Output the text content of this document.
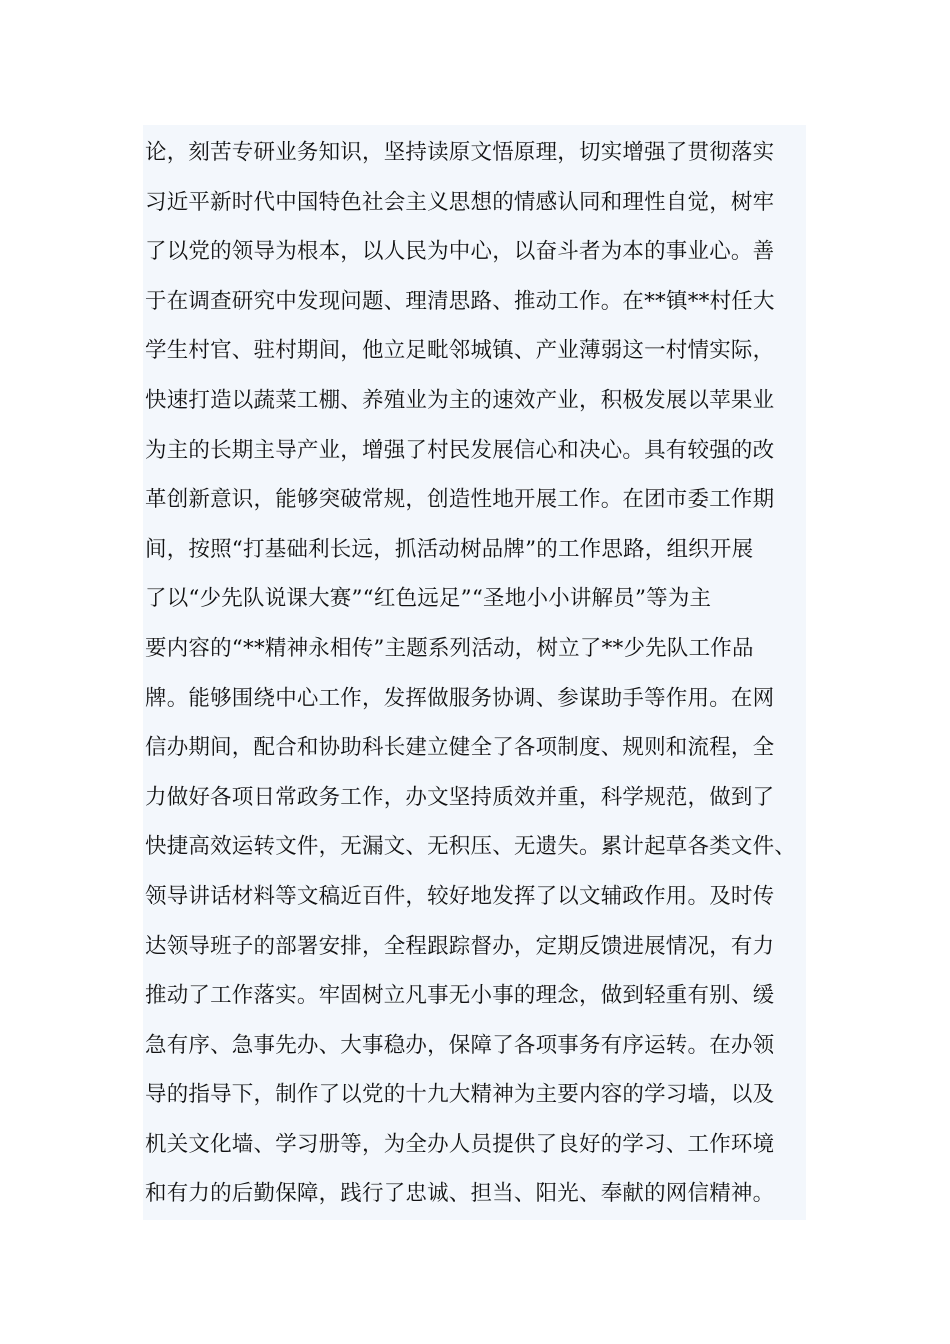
论，刻苦专研业务知识，坚持读原文悟原理，切实增强了贯彻落实
习近平新时代中国特色社会主义思想的情感认同和理性自觉，树牢
了以党的领导为根本，以人民为中心，以奋斗者为本的事业心。善
于在调查研究中发现问题、理清思路、推动工作。在**镇**村任大
学生村官、驻村期间，他立足毗邻城镇、产业薄弱这一村情实际，
快速打造以蔬菜工棚、养殖业为主的速效产业，积极发展以苹果业
为主的长期主导产业，增强了村民发展信心和决心。具有较强的改
革创新意识，能够突破常规，创造性地开展工作。在团市委工作期
间，按照“打基础利长远，抓活动树品牌”的工作思路，组织开展
了以“少先队说课大赛”“红色远足”“圣地小小讲解员”等为主
要内容的“**精神永相传”主题系列活动，树立了**少先队工作品
牌。能够围绕中心工作，发挥做服务协调、参谋助手等作用。在网
信办期间，配合和协助科长建立健全了各项制度、规则和流程，全
力做好各项日常政务工作，办文坚持质效并重，科学规范，做到了
快捷高效运转文件，无漏文、无积压、无遗失。累计起草各类文件、
领导讲话材料等文稿近百件，较好地发挥了以文辅政作用。及时传
达领导班子的部署安排，全程跟踪督办，定期反馈进展情况，有力
推动了工作落实。牢固树立凡事无小事的理念，做到轻重有别、缓
急有序、急事先办、大事稳办，保障了各项事务有序运转。在办领
导的指导下，制作了以党的十九大精神为主要内容的学习墙，以及
机关文化墙、学习册等，为全办人员提供了良好的学习、工作环境
和有力的后勤保障，践行了忠诚、担当、阳光、奉献的网信精神。
